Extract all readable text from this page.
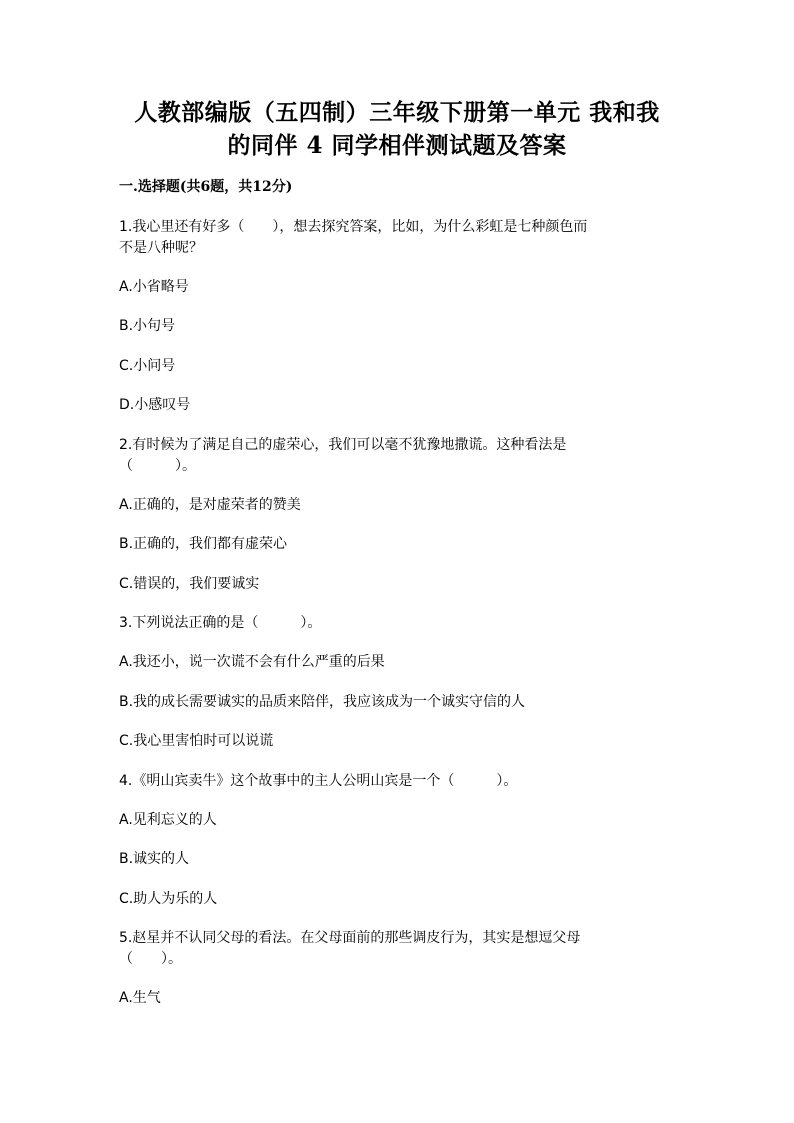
人教部编版（五四制）三年级下册第一单元 我和我
的同伴 4 同学相伴测试题及答案
一.选择题(共6题，共12分)
1.我心里还有好多（　　），想去探究答案，比如，为什么彩虹是七种颜色而
不是八种呢？
A.小省略号
B.小句号
C.小问号
D.小感叹号
2.有时候为了满足自己的虚荣心，我们可以毫不犹豫地撒谎。这种看法是
（　　　）。
A.正确的，是对虚荣者的赞美
B.正确的，我们都有虚荣心
C.错误的，我们要诚实
3.下列说法正确的是（　　　）。
A.我还小，说一次谎不会有什么严重的后果
B.我的成长需要诚实的品质来陪伴，我应该成为一个诚实守信的人
C.我心里害怕时可以说谎
4.《明山宾卖牛》这个故事中的主人公明山宾是一个（　　　）。
A.见利忘义的人
B.诚实的人
C.助人为乐的人
5.赵星并不认同父母的看法。在父母面前的那些调皮行为，其实是想逗父母
（　　）。
A.生气
